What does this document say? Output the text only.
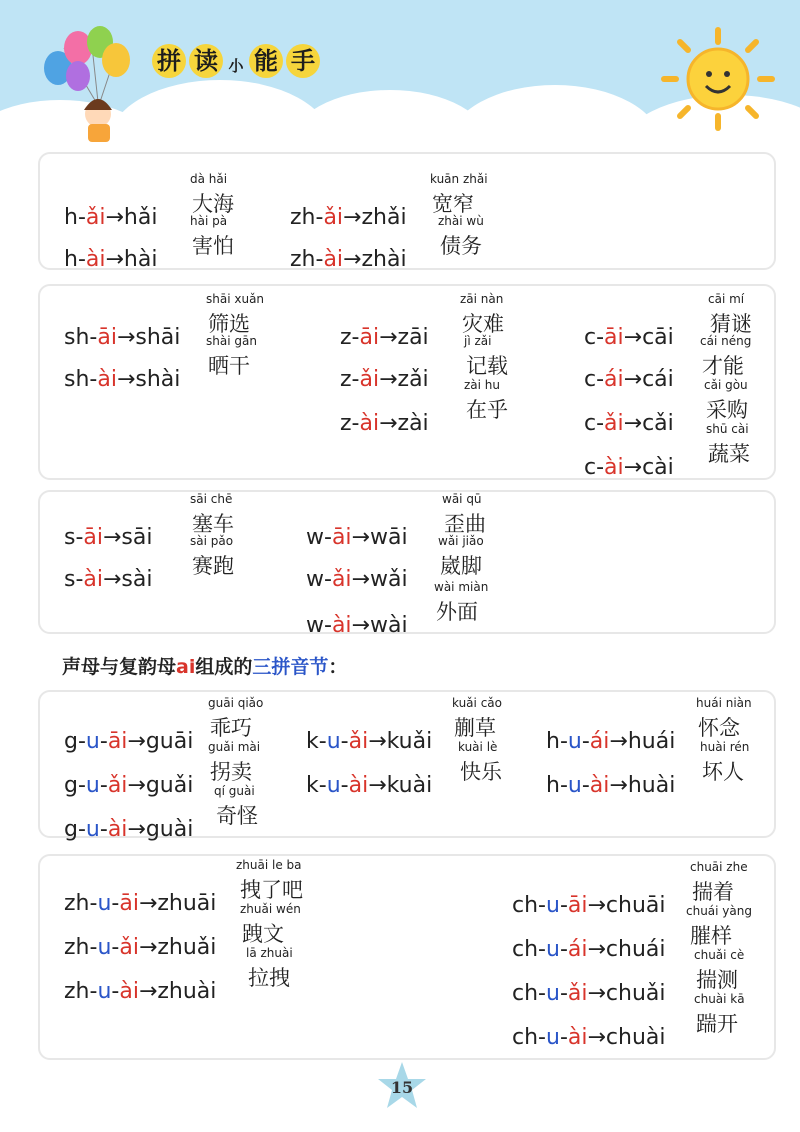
拼 读 小 能 手
声母与复韵母ai组成的三拼音节：
h-ǎi→hǎi
dà hǎi
大海
h-ài→hài
hài pà
害怕
zh-ǎi→zhǎi
kuān zhǎi
宽窄
zh-ài→zhài
zhài wù
债务
sh-āi→shāi
shāi xuǎn
筛选
sh-ài→shài
shài gān
晒干
z-āi→zāi
zāi nàn
灾难
z-ǎi→zǎi
jì zǎi
记载
z-ài→zài
zài hu
在乎
c-āi→cāi
cāi mí
猜谜
c-ái→cái
cái néng
才能
c-ǎi→cǎi
cǎi gòu
采购
c-ài→cài
shū cài
蔬菜
s-āi→sāi
sāi chē
塞车
s-ài→sài
sài pǎo
赛跑
w-āi→wāi
wāi qū
歪曲
w-ǎi→wǎi
wǎi jiǎo
崴脚
w-ài→wài
wài miàn
外面
g-u-āi→guāi
guāi qiǎo
乖巧
g-u-ǎi→guǎi
guǎi mài
拐卖
g-u-ài→guài
qí guài
奇怪
k-u-ǎi→kuǎi
kuǎi cǎo
蒯草
k-u-ài→kuài
kuài lè
快乐
h-u-ái→huái
huái niàn
怀念
h-u-ài→huài
huài rén
坏人
zh-u-āi→zhuāi
zhuāi le ba
拽了吧
zh-u-ǎi→zhuǎi
zhuǎi wén
跩文
zh-u-ài→zhuài
lā zhuài
拉拽
ch-u-āi→chuāi
chuāi zhe
揣着
ch-u-ái→chuái
chuái yàng
膗样
ch-u-ǎi→chuǎi
chuǎi cè
揣测
ch-u-ài→chuài
chuài kā
踹开
15
